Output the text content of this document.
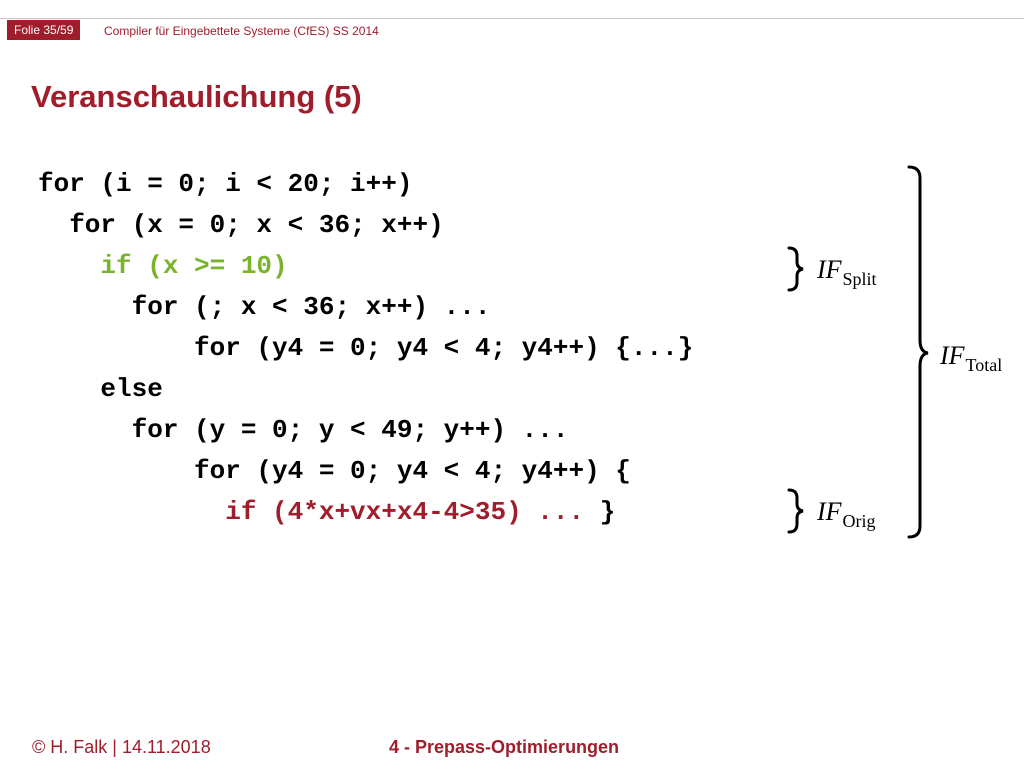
Folie 35/59	Compiler für Eingebettete Systeme (CfES) SS 2014
Veranschaulichung (5)
for (i = 0; i < 20; i++)
for (x = 0; x < 36; x++)
if (x >= 10)
for (; x < 36; x++) ...
for (y4 = 0; y4 < 4; y4++) {...}
else
for (y = 0; y < 49; y++) ...
for (y4 = 0; y4 < 4; y4++) {
if (4*x+vx+x4-4>35) ... }
$IF_{Split}$
$IF_{Total}$
$IF_{Orig}$
© H. Falk | 14.11.2018	4 - Prepass-Optimierungen
